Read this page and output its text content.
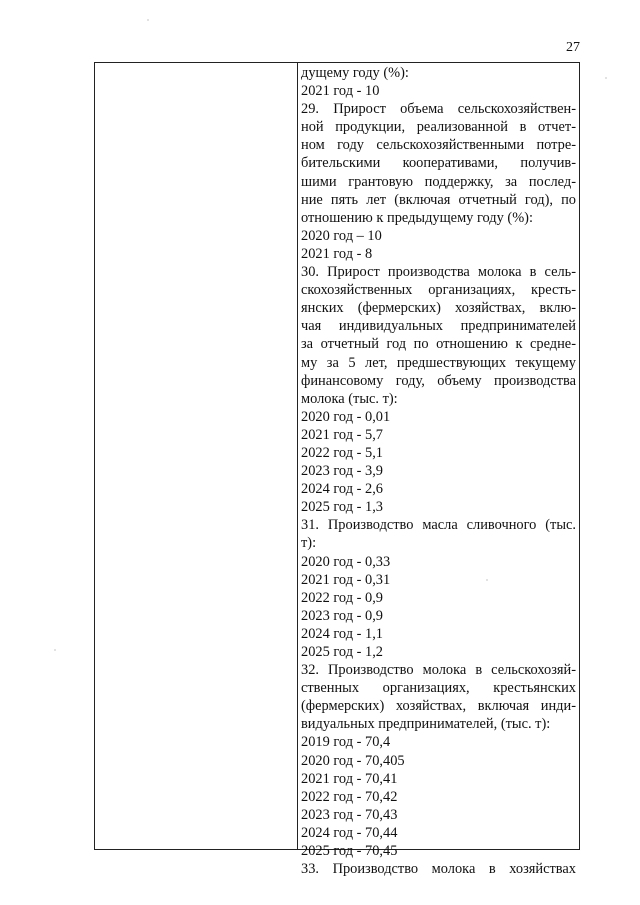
27

дущему году (%):

2021 год - 10

29. Прирост объема сельскохозяйствен-

ной продукции, реализованной в отчет-

ном году сельскохозяйственными потре-

бительскими кооперативами, получив-

шими грантовую поддержку, за послед-

ние пять лет (включая отчетный год), по

отношению к предыдущему году (%):

2020 год – 10

2021 год - 8

30. Прирост производства молока в сель-

скохозяйственных организациях, кресть-

янских (фермерских) хозяйствах, вклю-

чая индивидуальных предпринимателей

за отчетный год по отношению к средне-

му за 5 лет, предшествующих текущему

финансовому году, объему производства

молока (тыс. т):

2020 год - 0,01

2021 год - 5,7

2022 год - 5,1

2023 год - 3,9

2024 год - 2,6

2025 год - 1,3

31. Производство масла сливочного (тыс.

т):

2020 год - 0,33

2021 год - 0,31

2022 год - 0,9

2023 год - 0,9

2024 год - 1,1

2025 год - 1,2

32. Производство молока в сельскохозяй-

ственных организациях, крестьянских

(фермерских) хозяйствах, включая инди-

видуальных предпринимателей, (тыс. т):

2019 год - 70,4

2020 год - 70,405

2021 год - 70,41

2022 год - 70,42

2023 год - 70,43

2024 год - 70,44

2025 год - 70,45

33. Производство молока в хозяйствах
